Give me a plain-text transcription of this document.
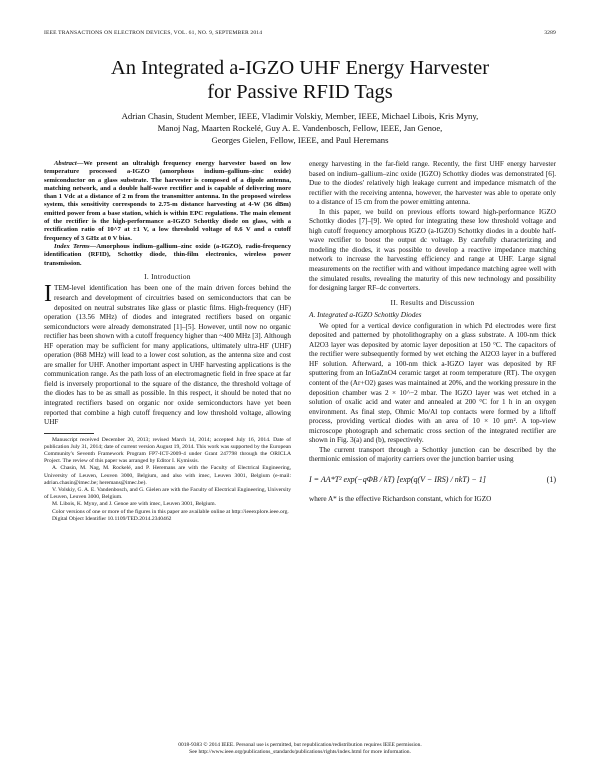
IEEE TRANSACTIONS ON ELECTRON DEVICES, VOL. 61, NO. 9, SEPTEMBER 2014	3289
An Integrated a-IGZO UHF Energy Harvester
for Passive RFID Tags
Adrian Chasin, Student Member, IEEE, Vladimir Volskiy, Member, IEEE, Michael Libois, Kris Myny,
Manoj Nag, Maarten Rockelé, Guy A. E. Vandenbosch, Fellow, IEEE, Jan Genoe,
Georges Gielen, Fellow, IEEE, and Paul Heremans

Abstract—We present an ultrahigh frequency energy harvester based on low temperature processed a-IGZO (amorphous indium–gallium–zinc oxide) semiconductor on a glass substrate. The harvester is composed of a dipole antenna, matching network, and a double half-wave rectifier and is capable of delivering more than 1 Vdc at a distance of 2 m from the transmitter antenna. In the proposed wireless system, this sensitivity corresponds to 2.75-m distance harvesting at 4-W (36 dBm) emitted power from a base station, which is within EPC regulations. The main element of the rectifier is the high-performance a-IGZO Schottky diode on glass, with a rectification ratio of 10^7 at ±1 V, a low threshold voltage of 0.6 V and a cutoff frequency of 3 GHz at 0 V bias.

Index Terms—Amorphous indium–gallium–zinc oxide (a-IGZO), radio-frequency identification (RFID), Schottky diode, thin-film electronics, wireless power transmission.

I. Introduction

ITEM-level identification has been one of the main driven forces behind the research and development of circuitries based on semiconductors that can be deposited on neutral substrates like glass or plastic films. High-frequency (HF) operation (13.56 MHz) of diodes and integrated rectifiers based on organic semiconductors were already demonstrated [1]–[5]. However, until now no organic rectifier has been shown with a cutoff frequency higher than ~400 MHz [3]. Although HF operation may be sufficient for many applications, ultimately ultra-HF (UHF) operation (868 MHz) will lead to a lower cost solution, as the antenna size and cost are smaller for UHF. Another important aspect in UHF harvesting applications is the communication range. As the path loss of an electromagnetic field in free space at far field is inversely proportional to the square of the distance, the threshold voltage of the diodes has to be as small as possible. In this respect, it should be noted that no integrated rectifiers based on organic nor oxide semiconductors have yet been reported that combine a high cutoff frequency and low threshold voltage, allowing UHF

Manuscript received December 20, 2013; revised March 14, 2014; accepted July 16, 2014. Date of publication July 31, 2014; date of current version August 19, 2014. This work was supported by the European Community's Seventh Framework Program FP7-ICT-2009-4 under Grant 247798 through the ORICLA Project. The review of this paper was arranged by Editor I. Kymissis.

A. Chasin, M. Nag, M. Rockelé, and P. Heremans are with the Faculty of Electrical Engineering, University of Leuven, Leuven 3000, Belgium, and also with imec, Leuven 3001, Belgium (e-mail: adrian.chasin@imec.be; heremans@imec.be).

V. Volskiy, G. A. E. Vandenbosch, and G. Gielen are with the Faculty of Electrical Engineering, University of Leuven, Leuven 3000, Belgium.

M. Libois, K. Myny, and J. Genoe are with imec, Leuven 3001, Belgium.

Color versions of one or more of the figures in this paper are available online at http://ieeexplore.ieee.org.

Digital Object Identifier 10.1109/TED.2014.2340462

energy harvesting in the far-field range. Recently, the first UHF energy harvester based on indium–gallium–zinc oxide (IGZO) Schottky diodes was demonstrated [6]. Due to the diodes' relatively high leakage current and impedance mismatch of the rectifier with the receiving antenna, however, the harvester was able to operate only to a distance of 15 cm from the power emitting antenna.

In this paper, we build on previous efforts toward high-performance IGZO Schottky diodes [7]–[9]. We opted for integrating these low threshold voltage and high cutoff frequency amorphous IGZO (a-IGZO) Schottky diodes in a double half-wave rectifier to boost the output dc voltage. By carefully characterizing and modeling the diodes, it was possible to develop a reactive impedance matching network to increase the harvesting efficiency and range at UHF. Large signal measurements on the rectifier with and without impedance matching agree well with the simulated results, revealing the maturity of this new technology and possibility for designing larger RF–dc converters.

II. Results and Discussion
A. Integrated a-IGZO Schottky Diodes

We opted for a vertical device configuration in which Pd electrodes were first deposited and patterned by photolithography on a glass substrate. A 100-nm thick Al2O3 layer was deposited by atomic layer deposition at 150 °C. The capacitors of the rectifier were subsequently formed by wet etching the Al2O3 layer in a buffered HF solution. Afterward, a 100-nm thick a-IGZO layer was deposited by RF sputtering from an InGaZnO4 ceramic target at room temperature (RT). The oxygen content of the (Ar+O2) gases was maintained at 20%, and the working pressure in the deposition chamber was 2 × 10^−2 mbar. The IGZO layer was wet etched in a solution of oxalic acid and water and annealed at 200 °C for 1 h in an oxygen environment. As final step, Ohmic Mo/Al top contacts were formed by a liftoff process, providing vertical diodes with an area of 10 × 10 μm². A top-view microscope photograph and schematic cross section of the integrated rectifier are shown in Fig. 3(a) and (b), respectively.

The current transport through a Schottky junction can be described by the thermionic emission of majority carriers over the junction barrier using

I = AA*T² exp(−qΦB / kT) [exp(q(V − IRS) / nkT) − 1]	(1)

where A* is the effective Richardson constant, which for IGZO

0018-9383 © 2014 IEEE. Personal use is permitted, but republication/redistribution requires IEEE permission.
See http://www.ieee.org/publications_standards/publications/rights/index.html for more information.
